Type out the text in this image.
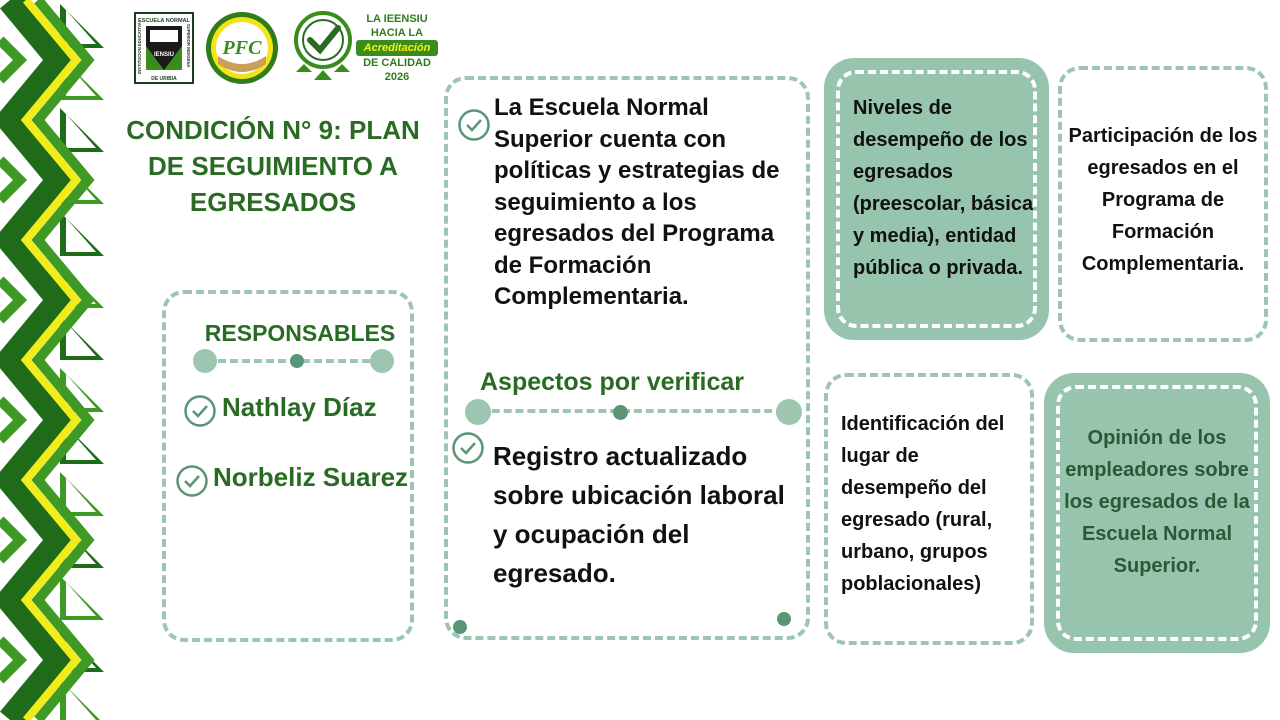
ESCUELA NORMAL
DE URIBIA
INSTITUCION EDUCATIVA	SUPERIOR INDIGENA
IENSIU PFC
LA IEENSIU HACIA LA
Acreditación
DE CALIDAD 2026
CONDICIÓN N° 9: PLAN DE SEGUIMIENTO A EGRESADOS
RESPONSABLES
Nathlay Díaz
Norbeliz Suarez
La Escuela Normal Superior cuenta con políticas y estrategias de seguimiento a los egresados del Programa de Formación Complementaria.
Aspectos por verificar
Registro actualizado sobre ubicación laboral y ocupación del egresado.
Niveles de desempeño de los egresados (preescolar, básica y media), entidad pública o privada.
Participación de los egresados en el Programa de Formación Complementaria.
Identificación del lugar de desempeño del egresado (rural, urbano, grupos poblacionales)
Opinión de los empleadores sobre los egresados de la Escuela Normal Superior.
